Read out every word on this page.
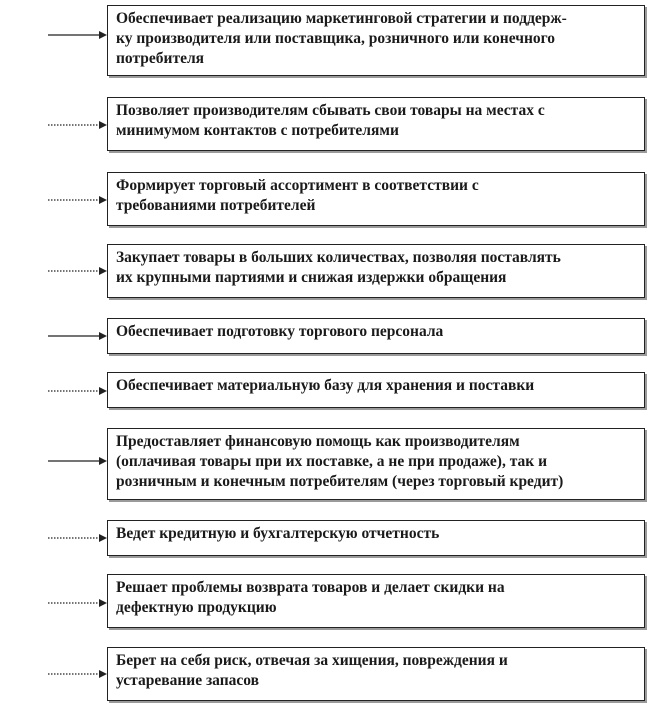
Обеспечивает реализацию маркетинговой стратегии и поддерж-
ку производителя или поставщика, розничного или конечного
потребителя
Позволяет производителям сбывать свои товары на местах с
минимумом контактов с потребителями
Формирует торговый ассортимент в соответствии с
требованиями потребителей
Закупает товары в больших количествах, позволяя поставлять
их крупными партиями и снижая издержки обращения
Обеспечивает подготовку торгового персонала
Обеспечивает материальную базу для хранения и поставки
Предоставляет финансовую помощь как производителям
(оплачивая товары при их поставке, а не при продаже), так и
розничным и конечным потребителям (через торговый кредит)
Ведет кредитную и бухгалтерскую отчетность
Решает проблемы возврата товаров и делает скидки на
дефектную продукцию
Берет на себя риск, отвечая за хищения, повреждения и
устаревание запасов
